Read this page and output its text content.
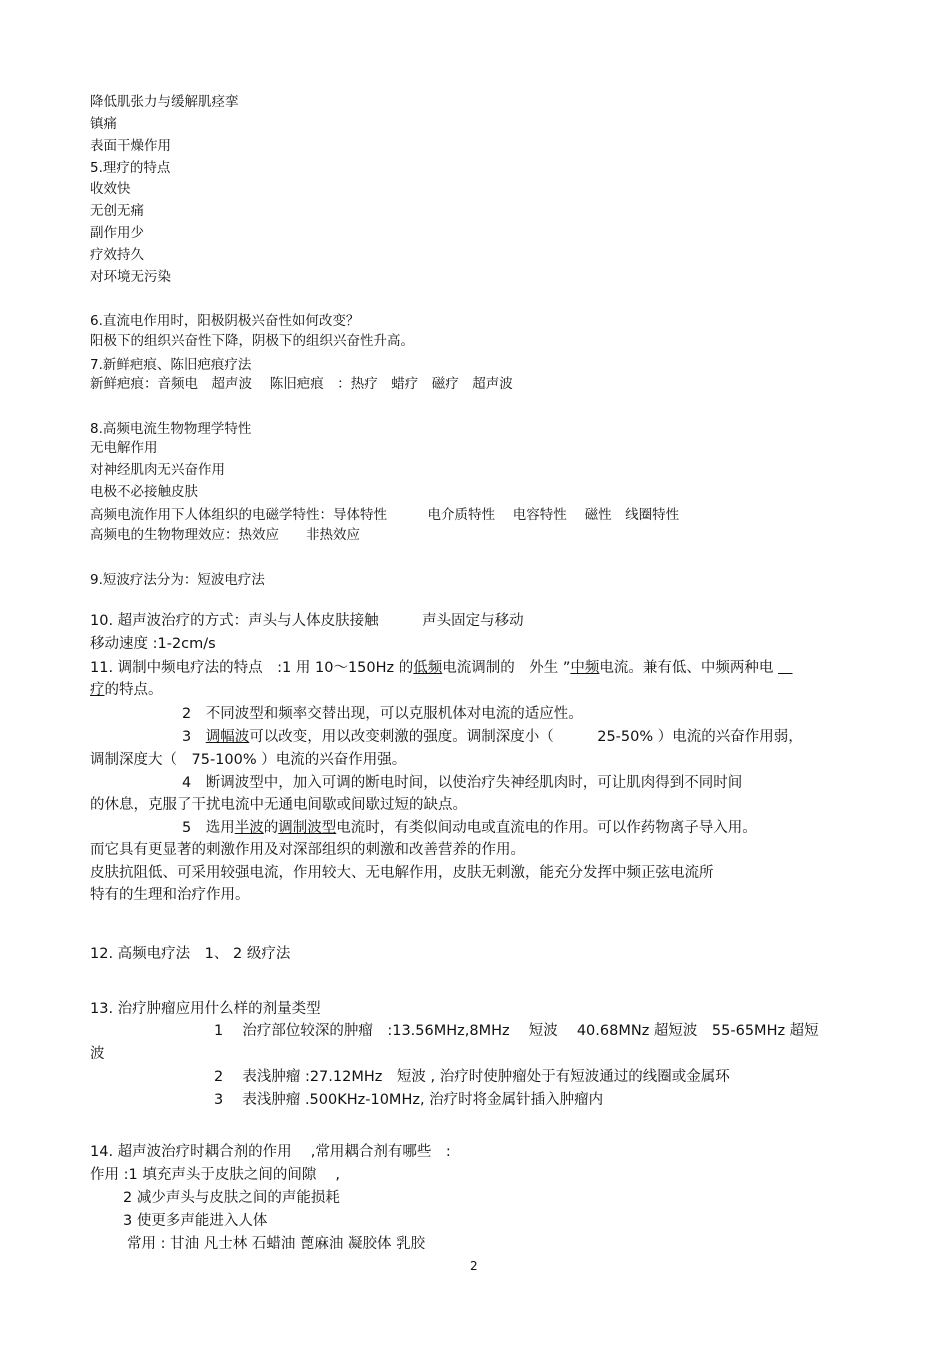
降低肌张力与缓解肌痉挛
镇痛
表面干燥作用
5.理疗的特点
收效快
无创无痛
副作用少
疗效持久
对环境无污染
6.直流电作用时，阳极阴极兴奋性如何改变？
阳极下的组织兴奋性下降，阴极下的组织兴奋性升高。
7.新鲜疤痕、陈旧疤痕疗法
新鲜疤痕：音频电　超声波　 陈旧疤痕　：热疗　蜡疗　磁疗　超声波
8.高频电流生物物理学特性
无电解作用
对神经肌肉无兴奋作用
电极不必接触皮肤
高频电流作用下人体组织的电磁学特性：导体特性　　　电介质特性　 电容特性　 磁性　线圈特性
高频电的生物物理效应：热效应　　非热效应
9.短波疗法分为：短波电疗法
10. 超声波治疗的方式：声头与人体皮肤接触　　　声头固定与移动
移动速度 :1-2cm/s
11. 调制中频电疗法的特点　:1 用 10～150Hz 的低频电流调制的　外生 ”中频电流。兼有低、中频两种电 　
疗的特点。
2　不同波型和频率交替出现，可以克服机体对电流的适应性。
3　调幅波可以改变，用以改变刺激的强度。调制深度小（　　　25-50% ）电流的兴奋作用弱，
调制深度大（　75-100% ）电流的兴奋作用强。
4　断调波型中，加入可调的断电时间，以使治疗失神经肌肉时，可让肌肉得到不同时间
的休息，克服了干扰电流中无通电间歇或间歇过短的缺点。
5　选用半波的调制波型电流时，有类似间动电或直流电的作用。可以作药物离子导入用。
而它具有更显著的刺激作用及对深部组织的刺激和改善营养的作用。
皮肤抗阻低、可采用较强电流，作用较大、无电解作用，皮肤无刺激，能充分发挥中频正弦电流所
特有的生理和治疗作用。
12. 高频电疗法　1、 2 级疗法
13. 治疗肿瘤应用什么样的剂量类型
1　 治疗部位较深的肿瘤　:13.56MHz,8MHz　 短波　 40.68MNz 超短波　55-65MHz 超短
波
2　 表浅肿瘤 :27.12MHz　短波 , 治疗时使肿瘤处于有短波通过的线圈或金属环
3　 表浅肿瘤 .500KHz-10MHz, 治疗时将金属针插入肿瘤内
14. 超声波治疗时耦合剂的作用　 ,常用耦合剂有哪些　:
作用 :1 填充声头于皮肤之间的间隙　 ,
2 减少声头与皮肤之间的声能损耗
3 使更多声能进入人体
常用 : 甘油 凡士林 石蜡油 蓖麻油 凝胶体 乳胶
2
